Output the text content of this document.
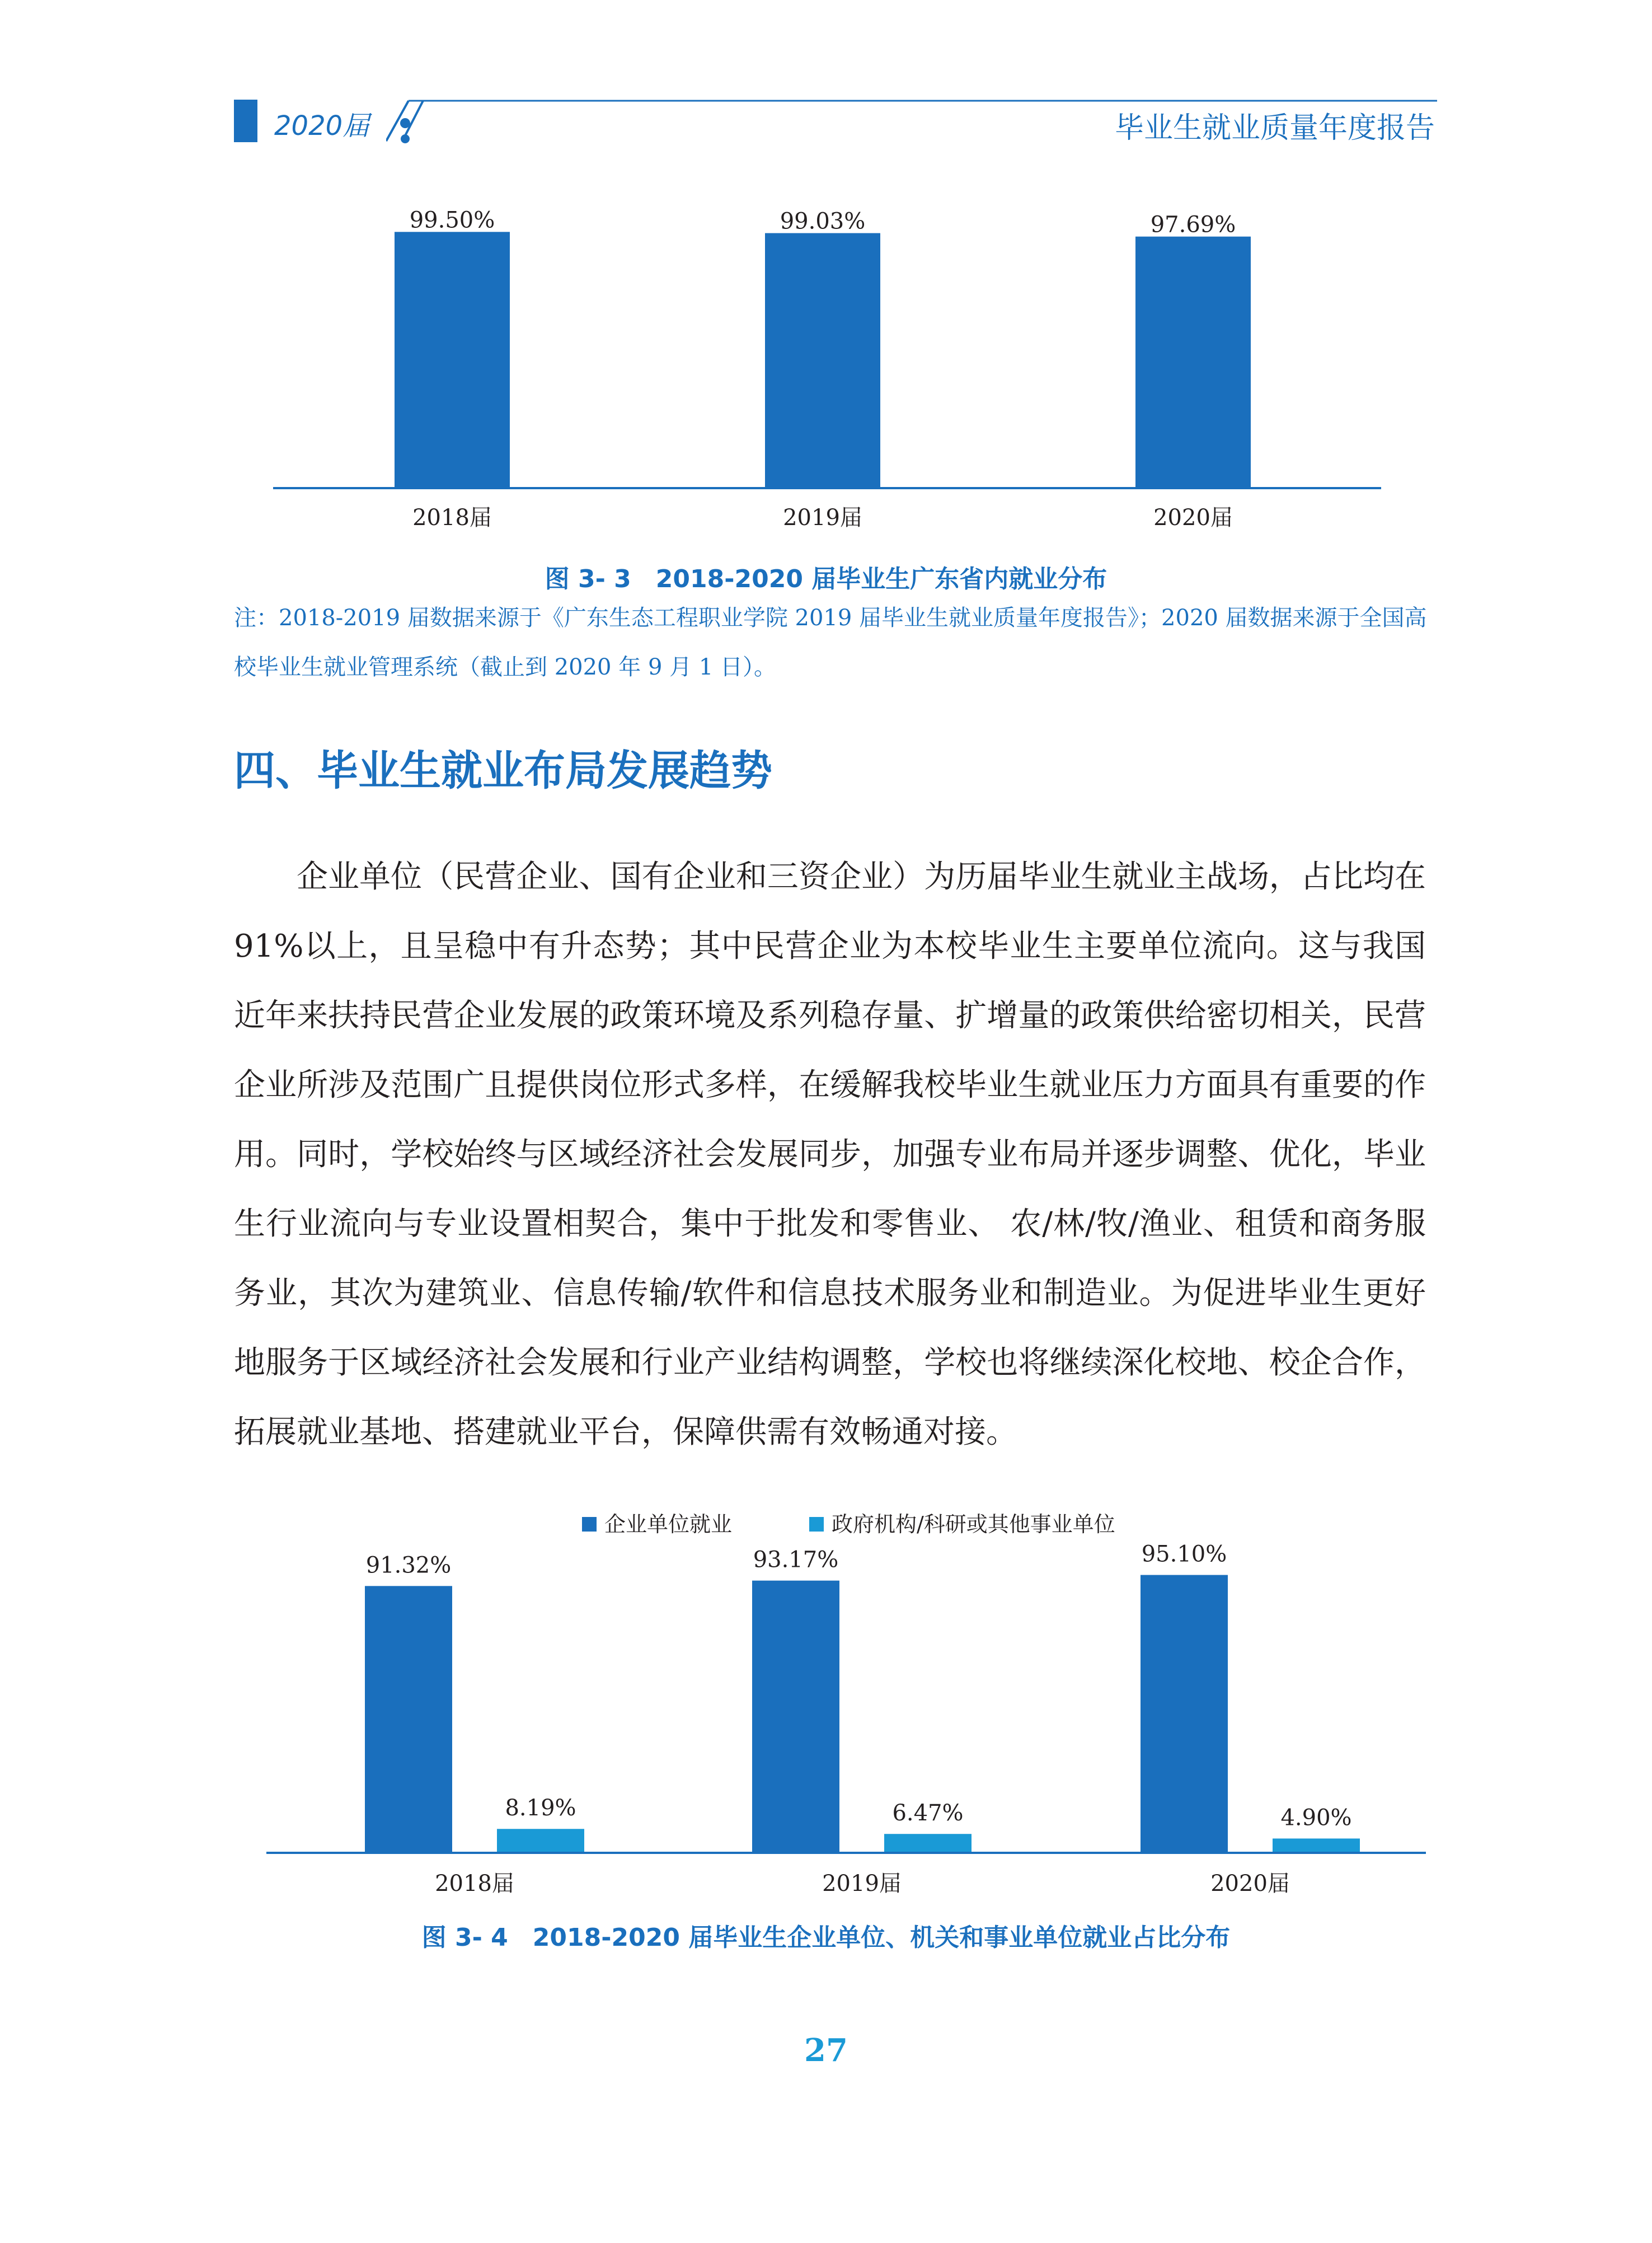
2020届	毕业生就业质量年度报告
99.50%
2018届
99.03%
2019届
97.69%
2020届
图 3- 3　2018-2020 届毕业生广东省内就业分布
注：2018-2019 届数据来源于《广东生态工程职业学院 2019 届毕业生就业质量年度报告》；2020 届数据来源于全国高校毕业生就业管理系统（截止到 2020 年 9 月 1 日）。
四、毕业生就业布局发展趋势
企业单位（民营企业、国有企业和三资企业）为历届毕业生就业主战场，占比均在 91%以上，且呈稳中有升态势；其中民营企业为本校毕业生主要单位流向。这与我国近年来扶持民营企业发展的政策环境及系列稳存量、扩增量的政策供给密切相关，民营企业所涉及范围广且提供岗位形式多样，在缓解我校毕业生就业压力方面具有重要的作用。同时，学校始终与区域经济社会发展同步，加强专业布局并逐步调整、优化，毕业生行业流向与专业设置相契合，集中于批发和零售业、 农/林/牧/渔业、租赁和商务服务业，其次为建筑业、信息传输/软件和信息技术服务业和制造业。为促进毕业生更好地服务于区域经济社会发展和行业产业结构调整，学校也将继续深化校地、校企合作，拓展就业基地、搭建就业平台，保障供需有效畅通对接。
91.32%	93.17%	95.10%
8.19%	6.47%	4.90%
2018届	2019届	2020届
企业单位就业	政府机构/科研或其他事业单位
图 3- 4　2018-2020 届毕业生企业单位、机关和事业单位就业占比分布
27
